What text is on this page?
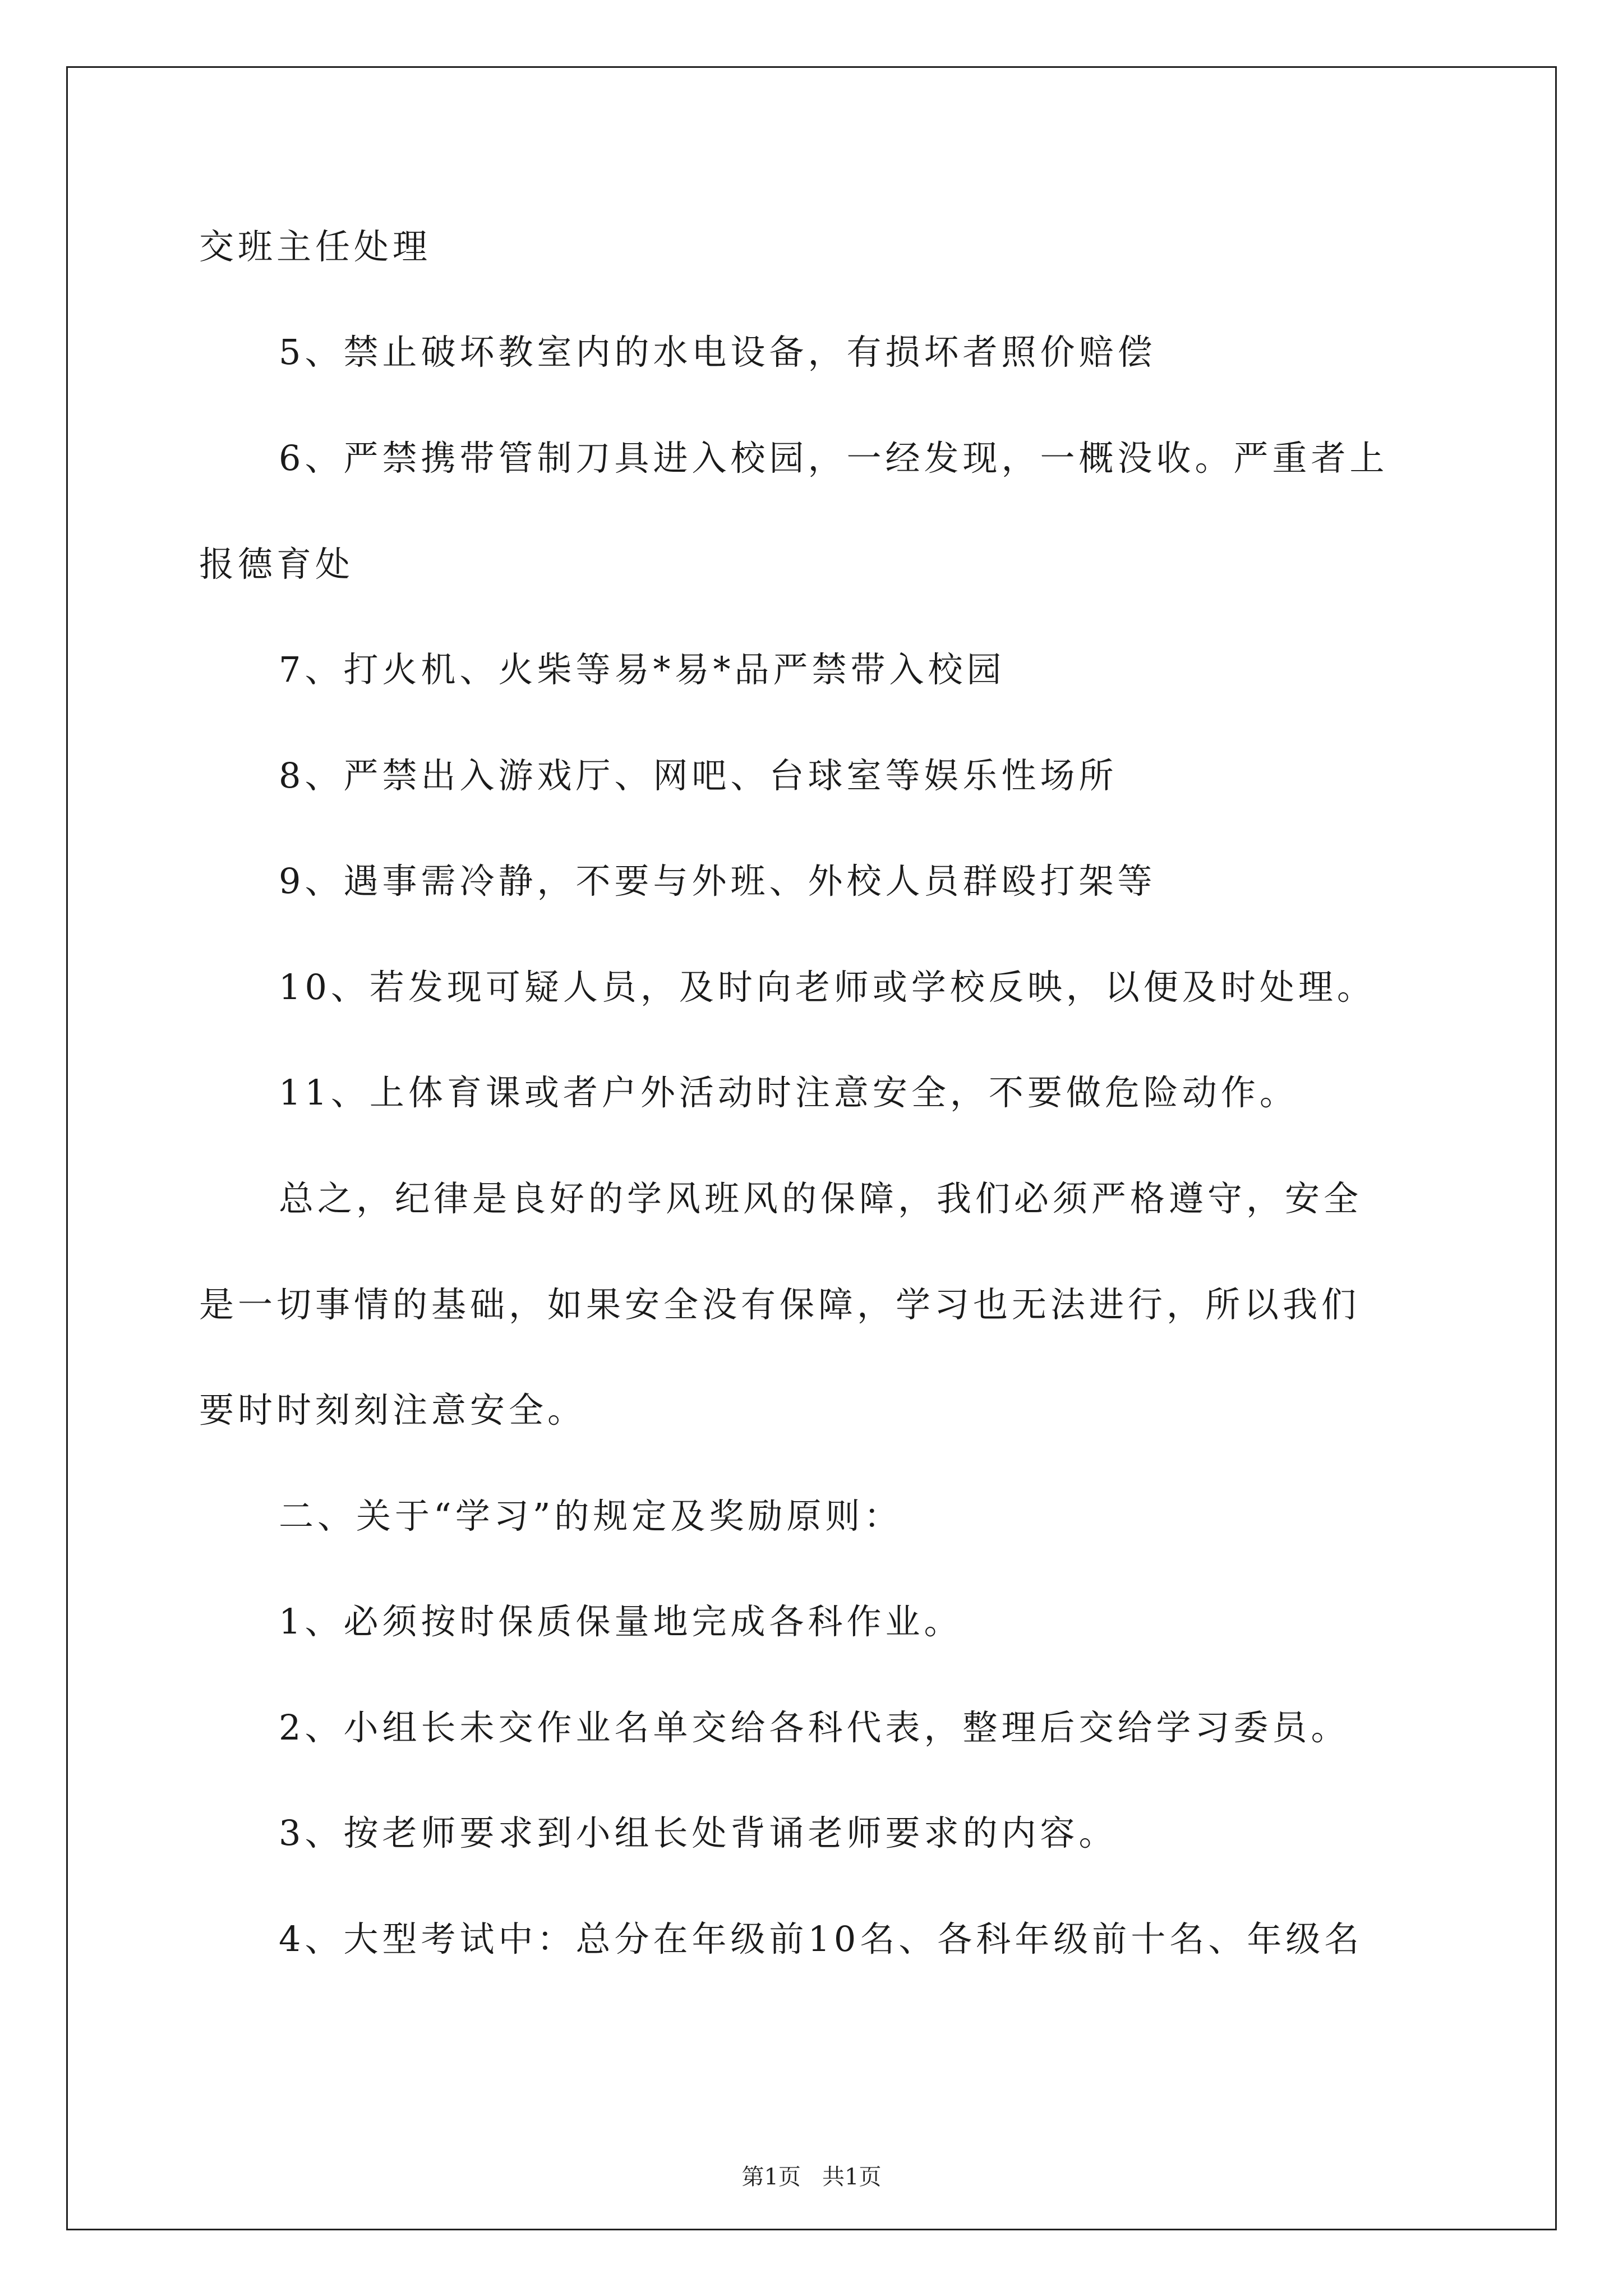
交班主任处理
5、禁止破坏教室内的水电设备，有损坏者照价赔偿
6、严禁携带管制刀具进入校园，一经发现，一概没收。严重者上
报德育处
7、打火机、火柴等易*易*品严禁带入校园
8、严禁出入游戏厅、网吧、台球室等娱乐性场所
9、遇事需冷静，不要与外班、外校人员群殴打架等
10、若发现可疑人员，及时向老师或学校反映，以便及时处理。
11、上体育课或者户外活动时注意安全，不要做危险动作。
总之，纪律是良好的学风班风的保障，我们必须严格遵守，安全
是一切事情的基础，如果安全没有保障，学习也无法进行，所以我们
要时时刻刻注意安全。
二、关于“学习”的规定及奖励原则：
1、必须按时保质保量地完成各科作业。
2、小组长未交作业名单交给各科代表，整理后交给学习委员。
3、按老师要求到小组长处背诵老师要求的内容。
4、大型考试中：总分在年级前10名、各科年级前十名、年级名
第1页   共1页
